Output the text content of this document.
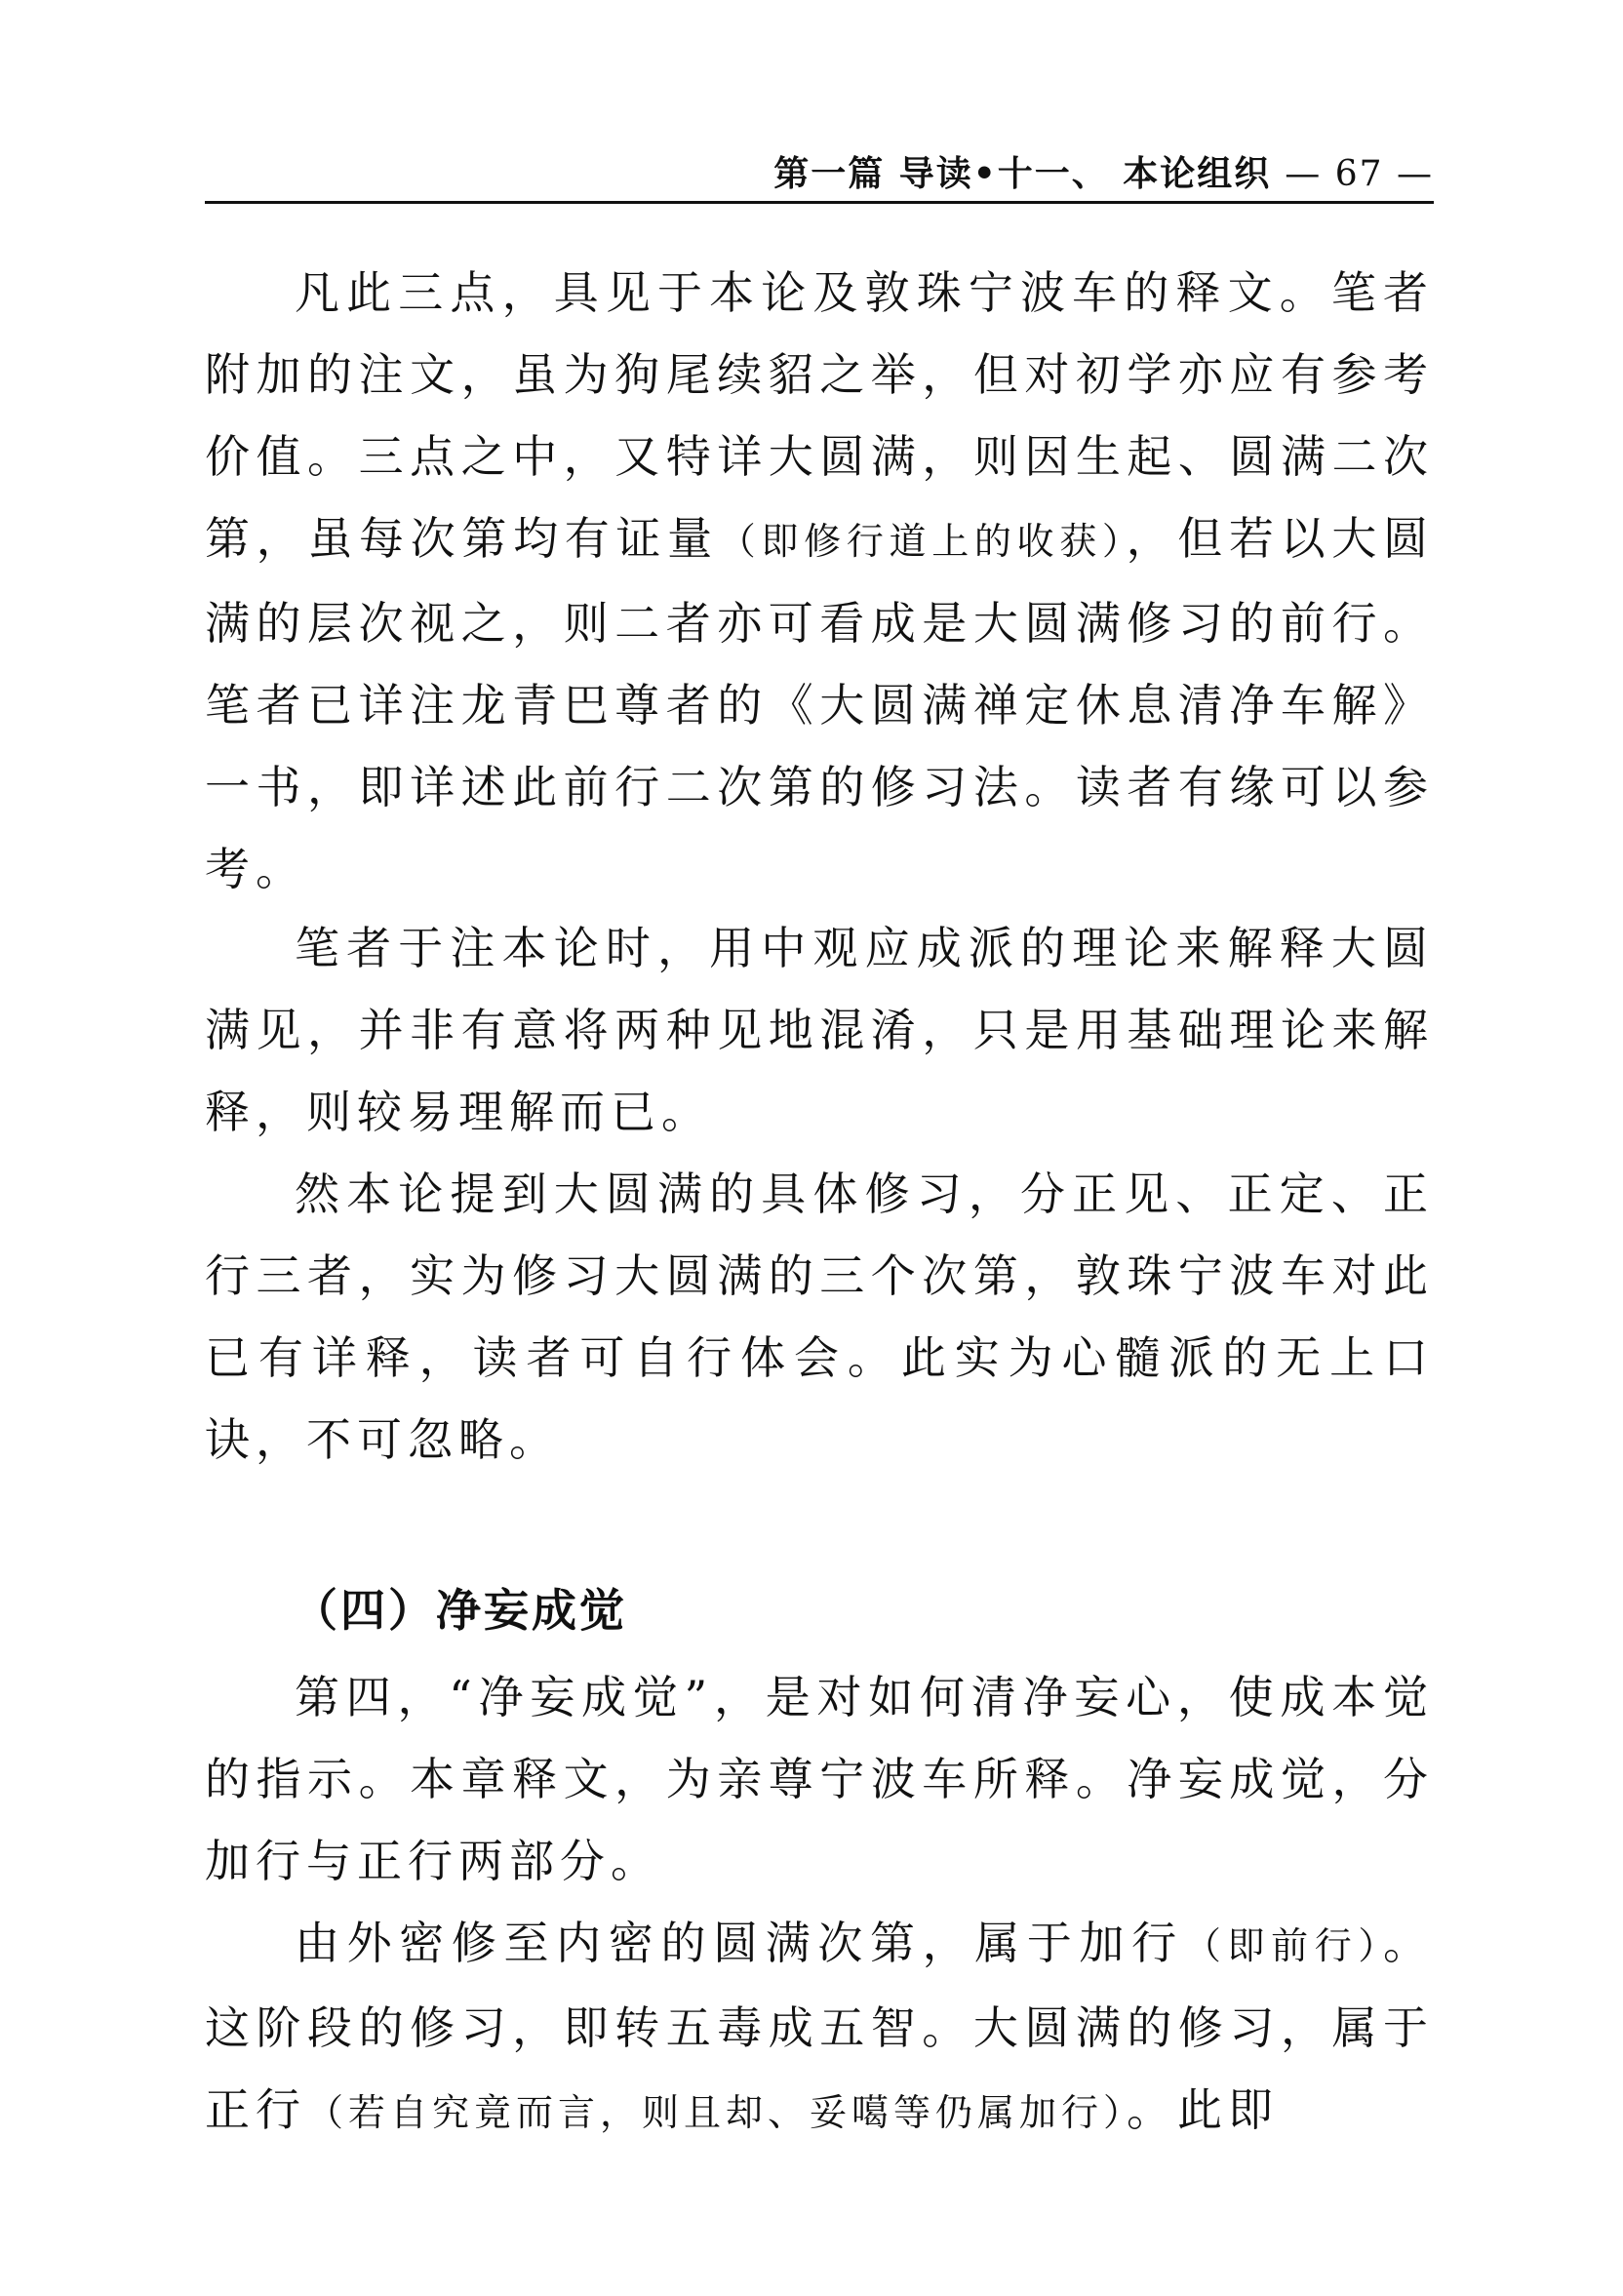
第一篇 导读•十一、 本论组织 — 67 —

凡此三点，具见于本论及敦珠宁波车的释文。笔者附加的注文，虽为狗尾续貂之举，但对初学亦应有参考价值。三点之中，又特详大圆满，则因生起、圆满二次第，虽每次第均有证量（即修行道上的收获），但若以大圆满的层次视之，则二者亦可看成是大圆满修习的前行。笔者已详注龙青巴尊者的《大圆满禅定休息清净车解》一书，即详述此前行二次第的修习法。读者有缘可以参考。

笔者于注本论时，用中观应成派的理论来解释大圆满见，并非有意将两种见地混淆，只是用基础理论来解释，则较易理解而已。

然本论提到大圆满的具体修习，分正见、正定、正行三者，实为修习大圆满的三个次第，敦珠宁波车对此已有详释，读者可自行体会。此实为心髓派的无上口诀，不可忽略。

（四）净妄成觉

第四，“净妄成觉”，是对如何清净妄心，使成本觉的指示。本章释文，为亲尊宁波车所释。净妄成觉，分加行与正行两部分。

由外密修至内密的圆满次第，属于加行（即前行）。这阶段的修习，即转五毒成五智。大圆满的修习，属于正行（若自究竟而言，则且却、妥噶等仍属加行）。此即
